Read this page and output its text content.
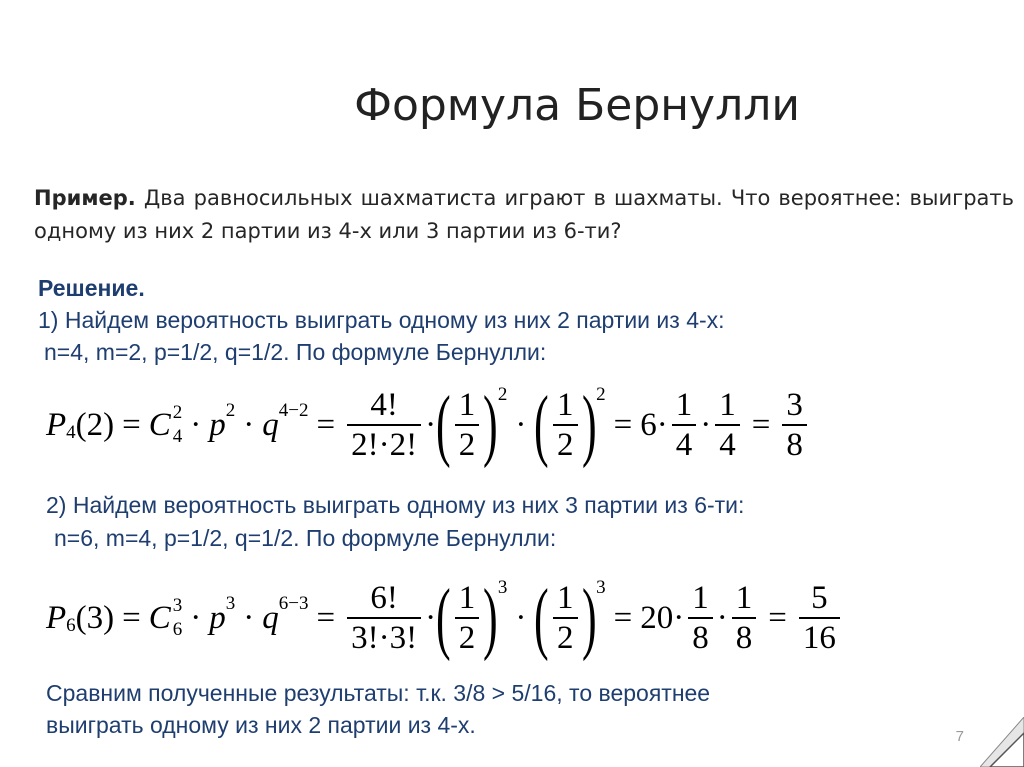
Формула Бернулли
Пример. Два равносильных шахматиста играют в шахматы. Что вероятнее: выиграть одному из них 2 партии из 4-х или 3 партии из 6-ти?
Решение.
1) Найдем вероятность выиграть одному из них 2 партии из 4-х:
n=4, m=2, p=1/2, q=1/2. По формуле Бернулли:
P 4 (2) = C 2
4 · p 2 · q $4-2 = \frac{4!}{2!\cdot 2!}$ · ( $\frac{1}{2}$ ) 2
· ( $\frac{1}{2}$ ) 2
= $6 \cdot \frac{1}{4} \cdot \frac{1}{4} = \frac{3}{8}$
2) Найдем вероятность выиграть одному из них 3 партии из 6-ти:
n=6, m=4, p=1/2, q=1/2. По формуле Бернулли:
P 6 (3) = C 3
6 · p 3 · q $6-3 = \frac{6!}{3!\cdot 3!}$ · ( $\frac{1}{2}$ ) 3
· ( $\frac{1}{2}$ ) 3
= $20 \cdot \frac{1}{8} \cdot \frac{1}{8} = \frac{5}{16}$
Сравним полученные результаты: т.к. 3/8 > 5/16, то вероятнее
выиграть одному из них 2 партии из 4-х.	7
